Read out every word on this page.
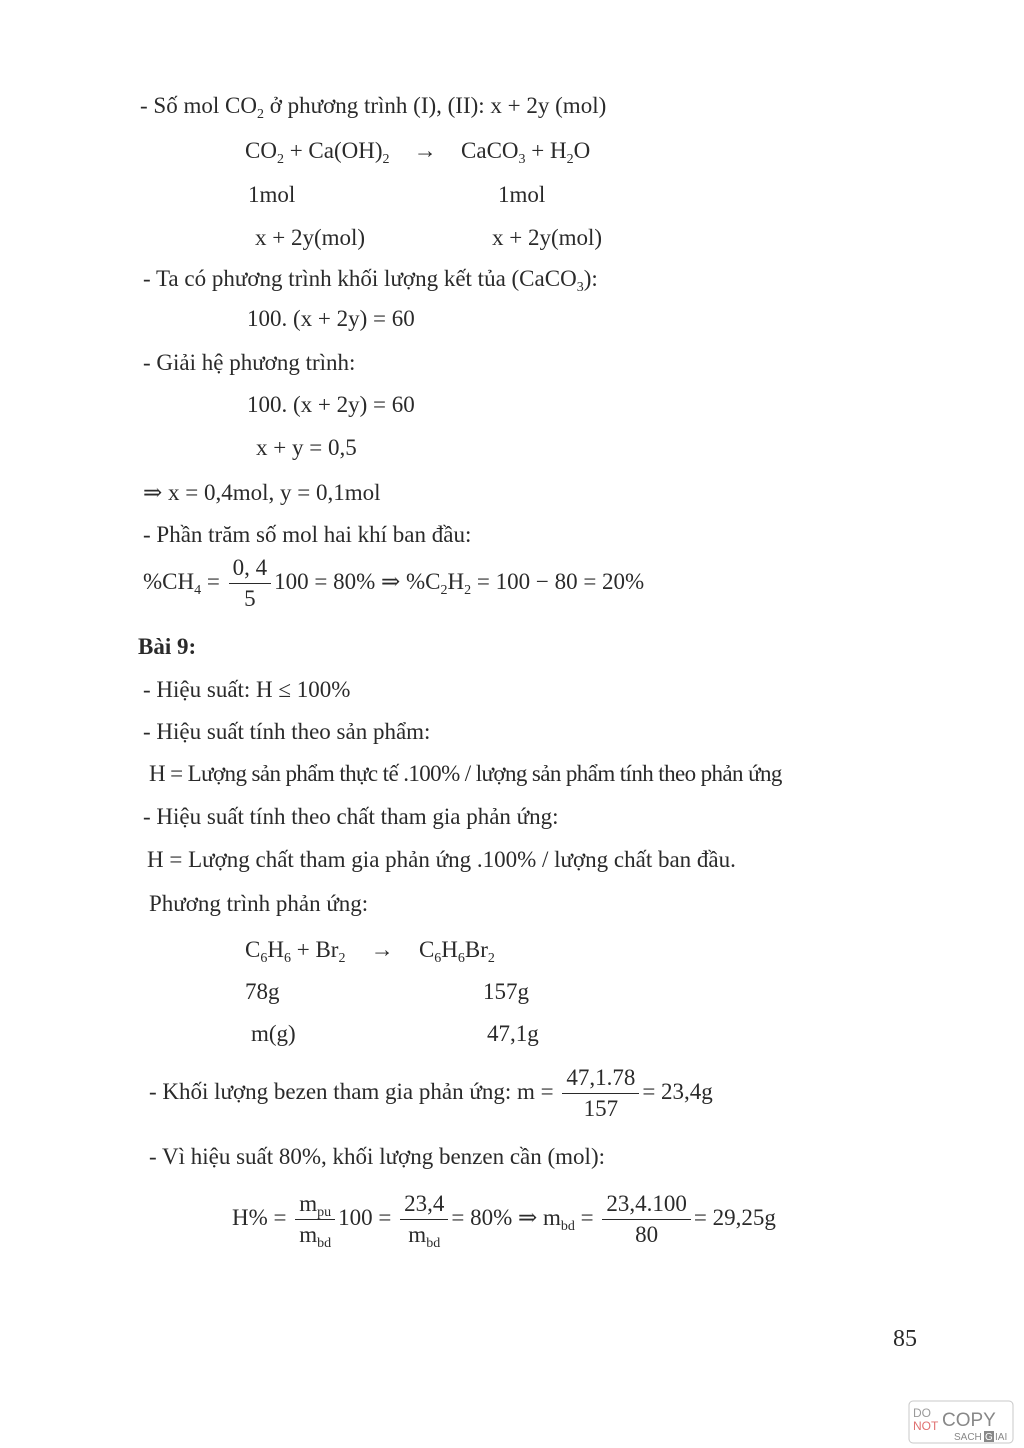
- Số mol $CO_2$ ở phương trình (I), (II): x + 2y (mol)
$CO_2 + Ca(OH)_2$ → CaCO$_3$ + $H_2O$
1mol	1mol
x + 2y(mol)	x + 2y(mol)
- Ta có phương trình khối lượng kết tủa (CaCO$_3$):
100. (x + 2y) = 60
- Giải hệ phương trình:
100. (x + 2y) = 60
x + y = 0,5
⇒ x = 0,4mol, y = 0,1mol
- Phần trăm số mol hai khí ban đầu:
$\%CH_4 = \frac{0, 4}{5} 100 = 80\%$ ⇒ $\%C_2H_2 = 100 - 80 = 20\%$
Bài 9:
- Hiệu suất: H ≤ 100%
- Hiệu suất tính theo sản phẩm:
H = Lượng sản phẩm thực tế .100% / lượng sản phẩm tính theo phản ứng
- Hiệu suất tính theo chất tham gia phản ứng:
H = Lượng chất tham gia phản ứng .100% / lượng chất ban đầu.
Phương trình phản ứng:
$C_6H_6 + Br_2 \to C_6H_6Br_2$
78g	157g
m(g)	47,1g
- Khối lượng bezen tham gia phản ứng: $m = \frac{47,1.78}{157} = 23,4g$
- Vì hiệu suất 80%, khối lượng benzen cần (mol):
$H\% = \frac{m_{pu}}{m_{bd}} 100 = \frac{23,4}{m_{bd}} = 80\%$ ⇒ $m_{bd} = \frac{23,4.100}{80} = 29,25g$
85
DO
NOT COPY
SACH G IAI
